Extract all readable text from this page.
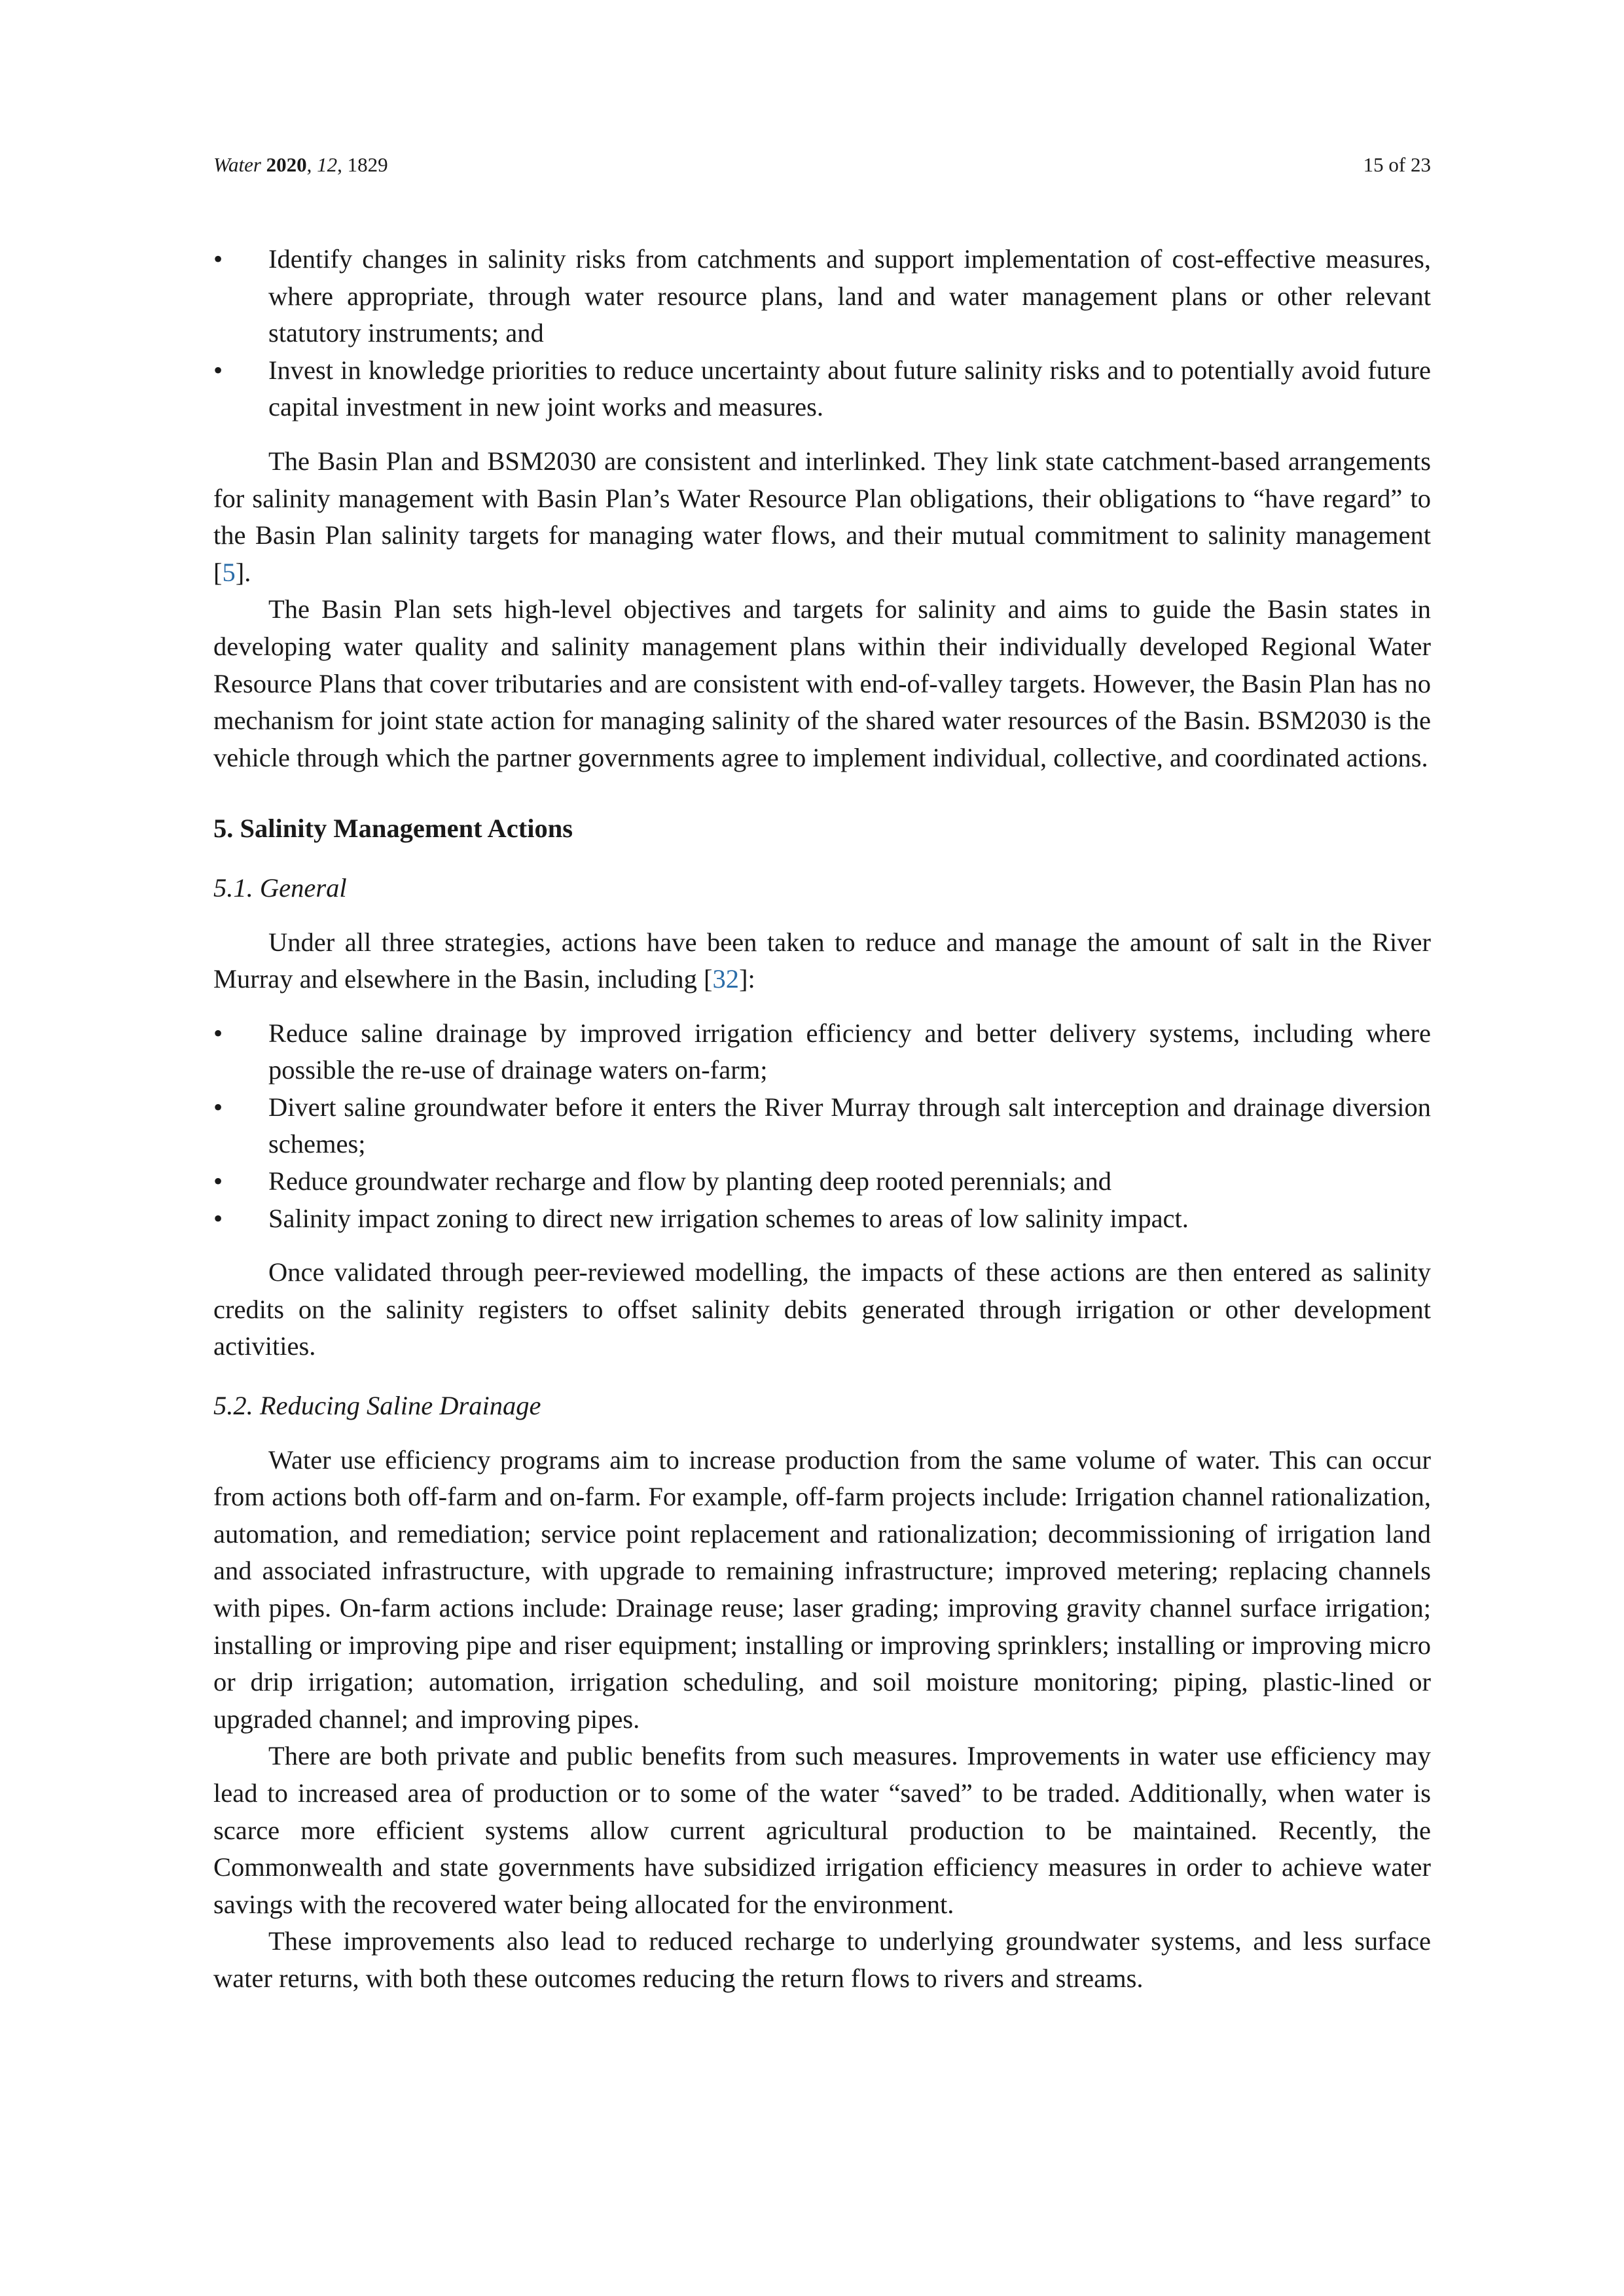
Water 2020, 12, 1829	15 of 23
•	Identify changes in salinity risks from catchments and support implementation of cost-effective measures, where appropriate, through water resource plans, land and water management plans or other relevant statutory instruments; and
•	Invest in knowledge priorities to reduce uncertainty about future salinity risks and to potentially avoid future capital investment in new joint works and measures.

The Basin Plan and BSM2030 are consistent and interlinked. They link state catchment-based arrangements for salinity management with Basin Plan’s Water Resource Plan obligations, their obligations to “have regard” to the Basin Plan salinity targets for managing water flows, and their mutual commitment to salinity management [5].

The Basin Plan sets high-level objectives and targets for salinity and aims to guide the Basin states in developing water quality and salinity management plans within their individually developed Regional Water Resource Plans that cover tributaries and are consistent with end-of-valley targets. However, the Basin Plan has no mechanism for joint state action for managing salinity of the shared water resources of the Basin. BSM2030 is the vehicle through which the partner governments agree to implement individual, collective, and coordinated actions.

5. Salinity Management Actions
5.1. General

Under all three strategies, actions have been taken to reduce and manage the amount of salt in the River Murray and elsewhere in the Basin, including [32]:

•	Reduce saline drainage by improved irrigation efficiency and better delivery systems, including where possible the re-use of drainage waters on-farm;
•	Divert saline groundwater before it enters the River Murray through salt interception and drainage diversion schemes;
•	Reduce groundwater recharge and flow by planting deep rooted perennials; and
•	Salinity impact zoning to direct new irrigation schemes to areas of low salinity impact.

Once validated through peer-reviewed modelling, the impacts of these actions are then entered as salinity credits on the salinity registers to offset salinity debits generated through irrigation or other development activities.

5.2. Reducing Saline Drainage

Water use efficiency programs aim to increase production from the same volume of water. This can occur from actions both off-farm and on-farm. For example, off-farm projects include: Irrigation channel rationalization, automation, and remediation; service point replacement and rationalization; decommissioning of irrigation land and associated infrastructure, with upgrade to remaining infrastructure; improved metering; replacing channels with pipes. On-farm actions include: Drainage reuse; laser grading; improving gravity channel surface irrigation; installing or improving pipe and riser equipment; installing or improving sprinklers; installing or improving micro or drip irrigation; automation, irrigation scheduling, and soil moisture monitoring; piping, plastic-lined or upgraded channel; and improving pipes.

There are both private and public benefits from such measures. Improvements in water use efficiency may lead to increased area of production or to some of the water “saved” to be traded. Additionally, when water is scarce more efficient systems allow current agricultural production to be maintained. Recently, the Commonwealth and state governments have subsidized irrigation efficiency measures in order to achieve water savings with the recovered water being allocated for the environment.

These improvements also lead to reduced recharge to underlying groundwater systems, and less surface water returns, with both these outcomes reducing the return flows to rivers and streams.
